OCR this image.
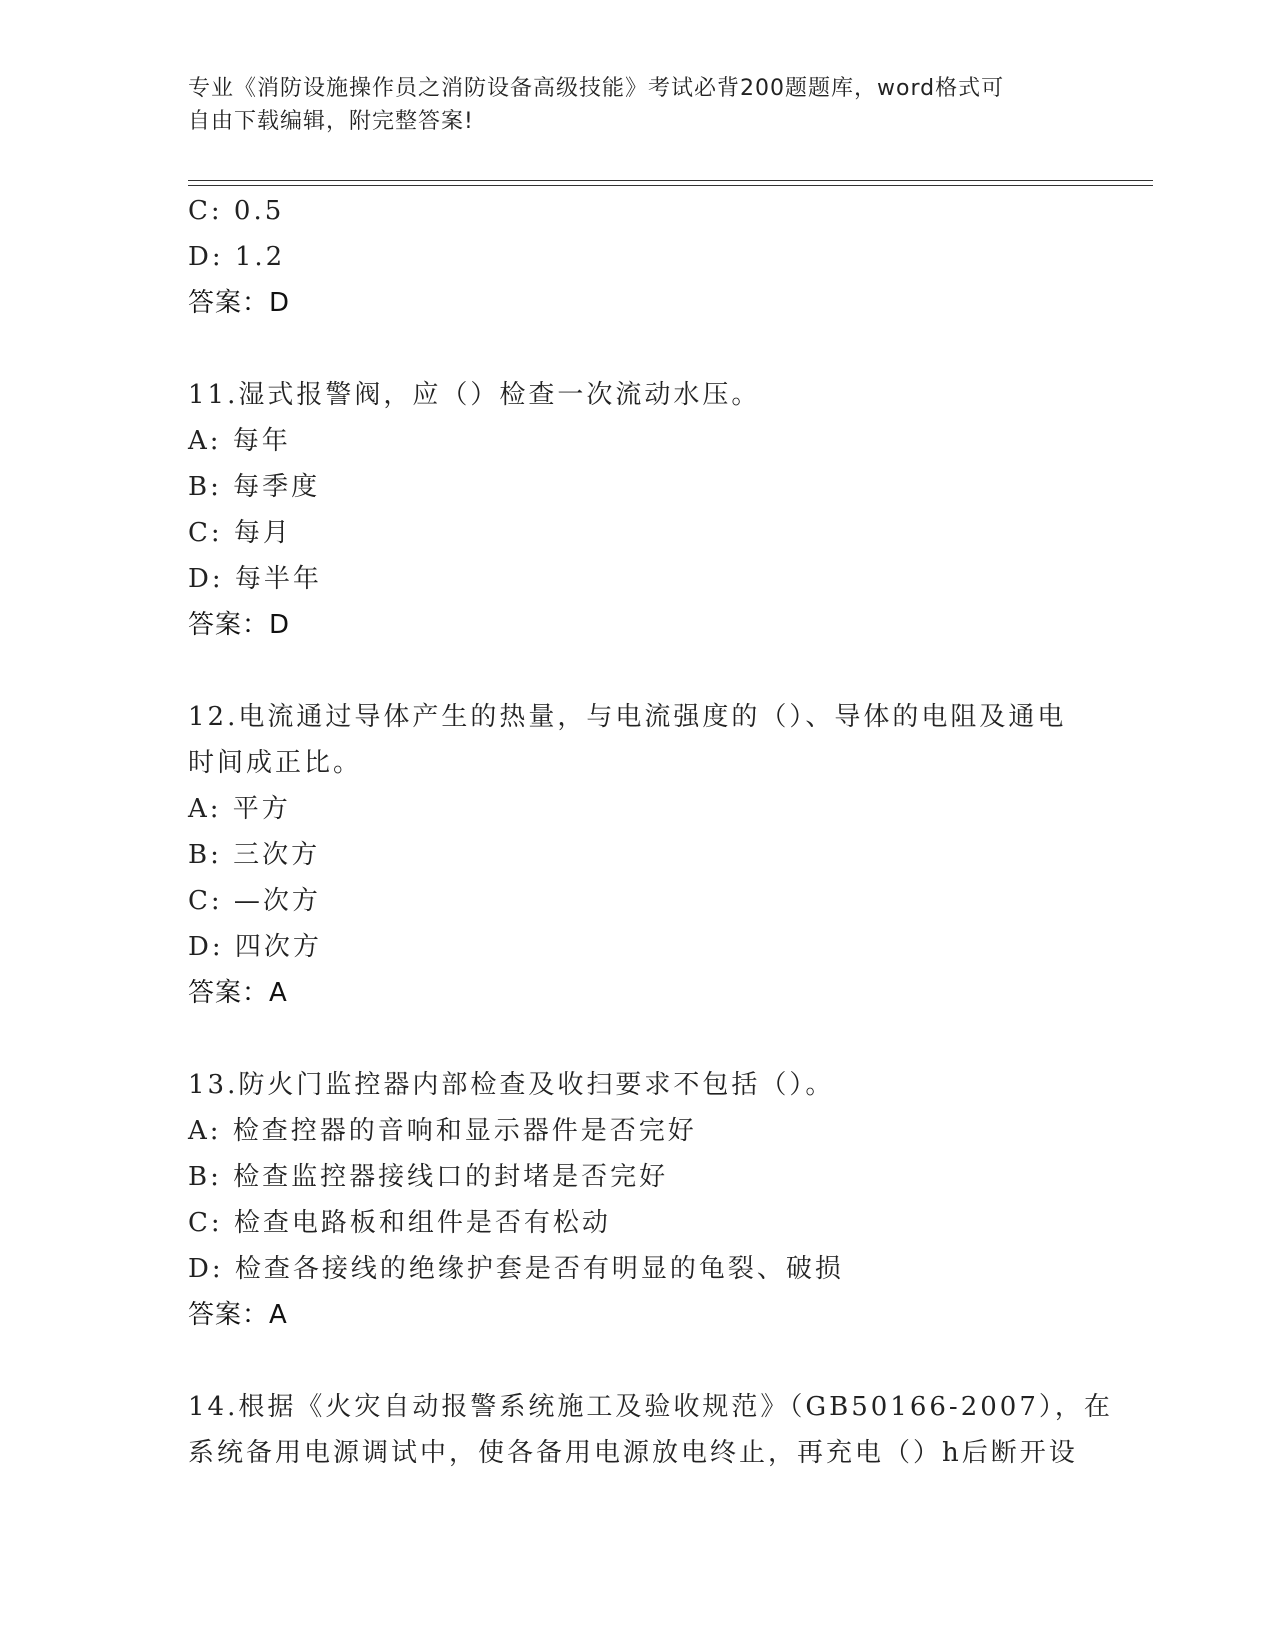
专业《消防设施操作员之消防设备高级技能》考试必背200题题库，word格式可
自由下载编辑，附完整答案!
C: 0.5
D: 1.2
答案：D
11.湿式报警阀，应（）检查一次流动水压。
A: 每年
B: 每季度
C: 每月
D: 每半年
答案：D
12.电流通过导体产生的热量，与电流强度的（）、导体的电阻及通电
时间成正比。
A: 平方
B: 三次方
C: —次方
D: 四次方
答案：A
13.防火门监控器内部检查及收扫要求不包括（）。
A: 检查控器的音响和显示器件是否完好
B: 检查监控器接线口的封堵是否完好
C: 检查电路板和组件是否有松动
D: 检查各接线的绝缘护套是否有明显的龟裂、破损
答案：A
14.根据《火灾自动报警系统施工及验收规范》（GB50166-2007），在
系统备用电源调试中，使各备用电源放电终止，再充电（）h后断开设
